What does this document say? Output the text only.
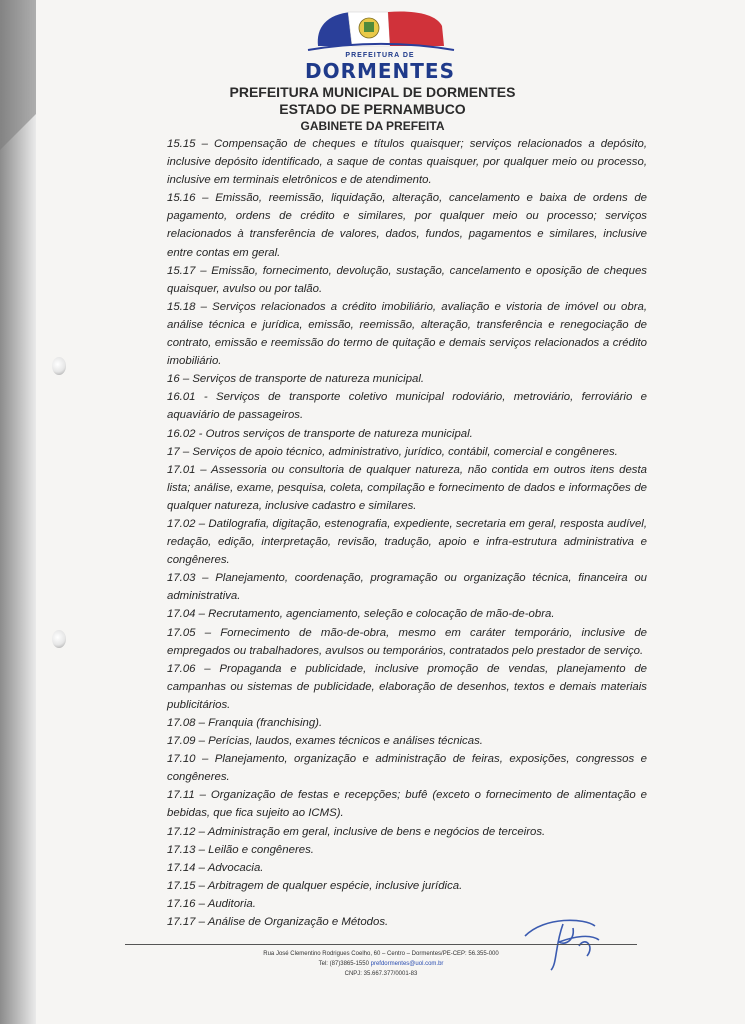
PREFEITURA DE
DORMENTES
PREFEITURA MUNICIPAL DE DORMENTES
ESTADO DE PERNAMBUCO
GABINETE DA PREFEITA

15.15 – Compensação de cheques e títulos quaisquer; serviços relacionados a depósito, inclusive depósito identificado, a saque de contas quaisquer, por qualquer meio ou processo, inclusive em terminais eletrônicos e de atendimento.

15.16 – Emissão, reemissão, liquidação, alteração, cancelamento e baixa de ordens de pagamento, ordens de crédito e similares, por qualquer meio ou processo; serviços relacionados à transferência de valores, dados, fundos, pagamentos e similares, inclusive entre contas em geral.

15.17 – Emissão, fornecimento, devolução, sustação, cancelamento e oposição de cheques quaisquer, avulso ou por talão.

15.18 – Serviços relacionados a crédito imobiliário, avaliação e vistoria de imóvel ou obra, análise técnica e jurídica, emissão, reemissão, alteração, transferência e renegociação de contrato, emissão e reemissão do termo de quitação e demais serviços relacionados a crédito imobiliário.

16 – Serviços de transporte de natureza municipal.

16.01 - Serviços de transporte coletivo municipal rodoviário, metroviário, ferroviário e aquaviário de passageiros.

16.02 - Outros serviços de transporte de natureza municipal.

17 – Serviços de apoio técnico, administrativo, jurídico, contábil, comercial e congêneres.

17.01 – Assessoria ou consultoria de qualquer natureza, não contida em outros itens desta lista; análise, exame, pesquisa, coleta, compilação e fornecimento de dados e informações de qualquer natureza, inclusive cadastro e similares.

17.02 – Datilografia, digitação, estenografia, expediente, secretaria em geral, resposta audível, redação, edição, interpretação, revisão, tradução, apoio e infra-estrutura administrativa e congêneres.

17.03 – Planejamento, coordenação, programação ou organização técnica, financeira ou administrativa.

17.04 – Recrutamento, agenciamento, seleção e colocação de mão-de-obra.

17.05 – Fornecimento de mão-de-obra, mesmo em caráter temporário, inclusive de empregados ou trabalhadores, avulsos ou temporários, contratados pelo prestador de serviço.

17.06 – Propaganda e publicidade, inclusive promoção de vendas, planejamento de campanhas ou sistemas de publicidade, elaboração de desenhos, textos e demais materiais publicitários.

17.08 – Franquia (franchising).

17.09 – Perícias, laudos, exames técnicos e análises técnicas.

17.10 – Planejamento, organização e administração de feiras, exposições, congressos e congêneres.

17.11 – Organização de festas e recepções; bufê (exceto o fornecimento de alimentação e bebidas, que fica sujeito ao ICMS).

17.12 – Administração em geral, inclusive de bens e negócios de terceiros.

17.13 – Leilão e congêneres.

17.14 – Advocacia.

17.15 – Arbitragem de qualquer espécie, inclusive jurídica.

17.16 – Auditoria.

17.17 – Análise de Organização e Métodos.

Rua José Clementino Rodrigues Coelho, 60 – Centro – Dormentes/PE-CEP: 56.355-000
Tel: (87)3865-1550 prefdormentes@uol.com.br
CNPJ: 35.667.377/0001-83
